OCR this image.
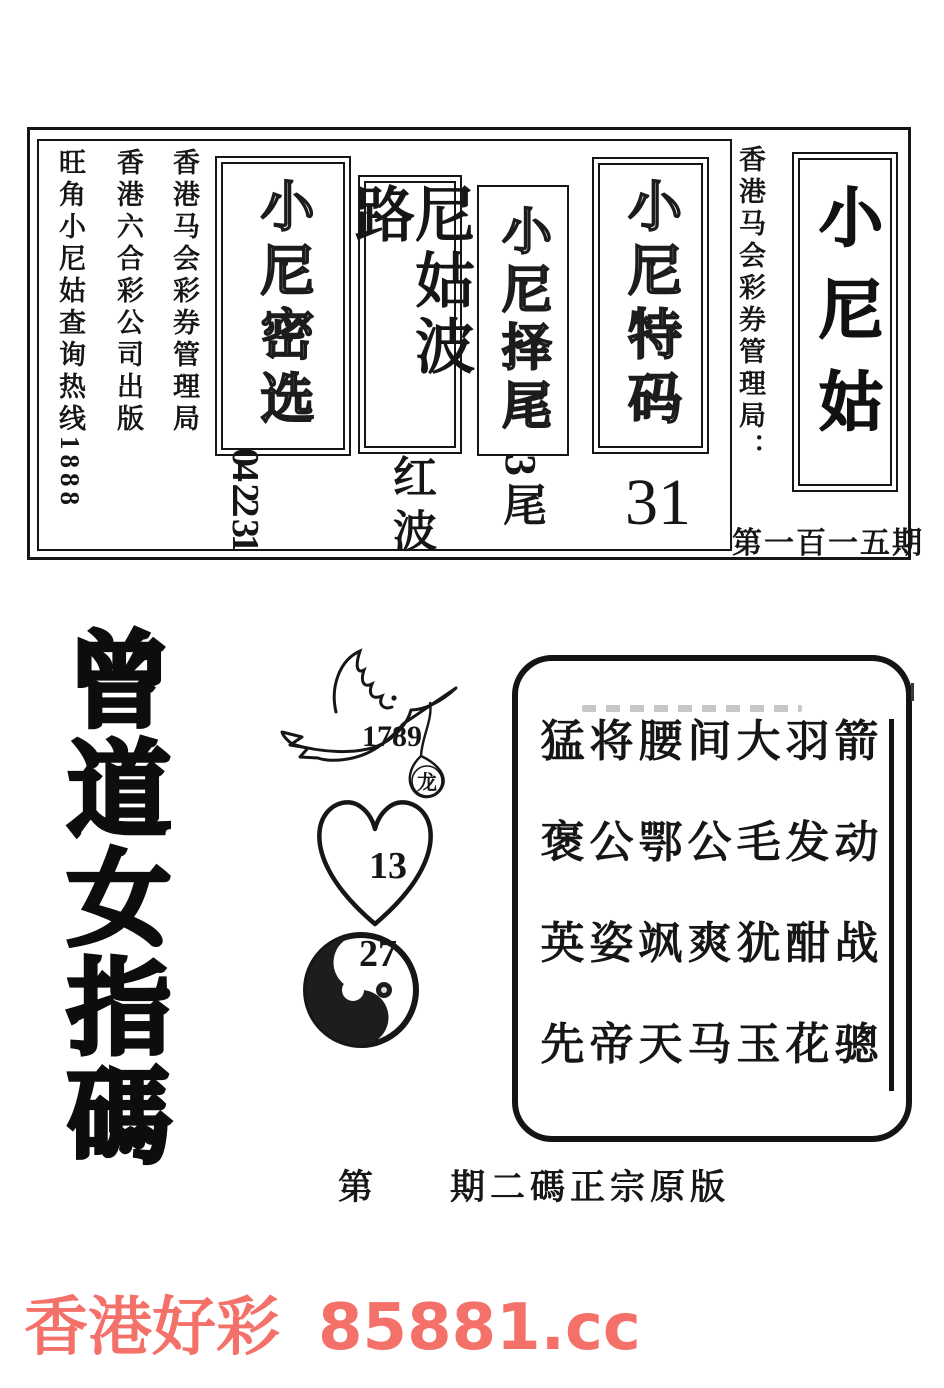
旺角小尼姑查询热线1888 香港六合彩公司出版 香港马会彩券管理局 小尼密选
04 22 31
尼姑波路
红波
小尼择尾
3尾
小尼特码
31
香港马会彩券管理局： 小尼姑
第一百一五期
曾道女指碼	1789
龙
13
27
猛将腰间大羽箭
褒公鄂公毛发动
英姿飒爽犹酣战
先帝天马玉花骢
第 期二碼正宗原版
香港好彩 85881.cc
